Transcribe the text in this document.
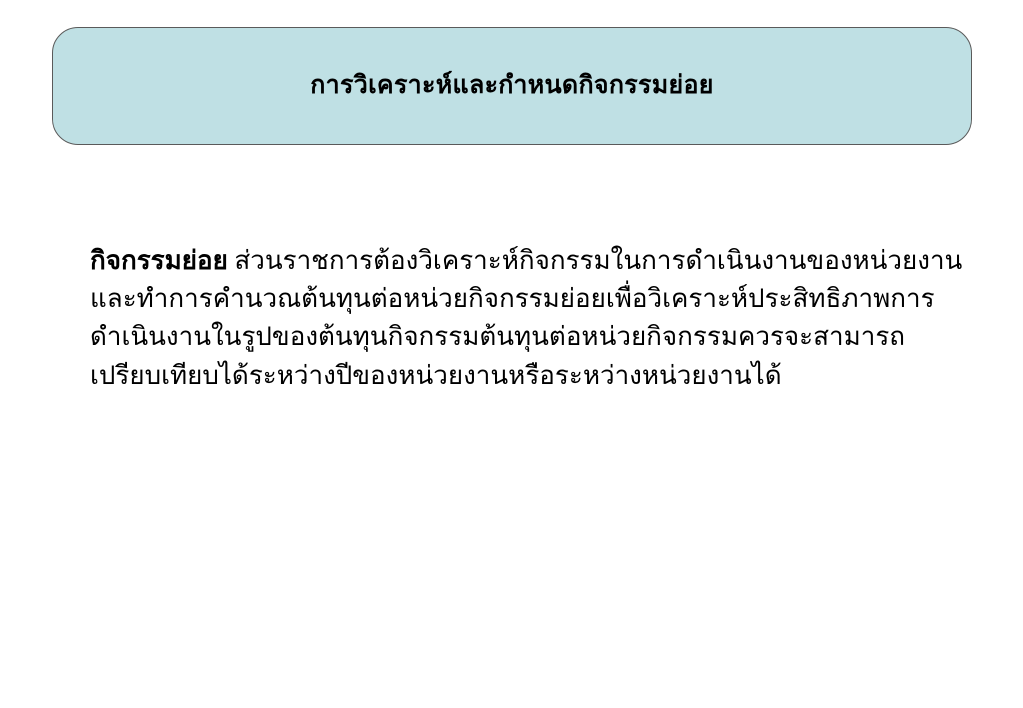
การวิเคราะห์และกำหนดกิจกรรมย่อย

กิจกรรมย่อย ส่วนราชการต้องวิเคราะห์กิจกรรมในการดำเนินงานของหน่วยงาน และทำการคำนวณต้นทุนต่อหน่วยกิจกรรมย่อยเพื่อวิเคราะห์ประสิทธิภาพการดำเนินงานในรูปของต้นทุนกิจกรรมต้นทุนต่อหน่วยกิจกรรมควรจะสามารถเปรียบเทียบได้ระหว่างปีของหน่วยงานหรือระหว่างหน่วยงานได้
